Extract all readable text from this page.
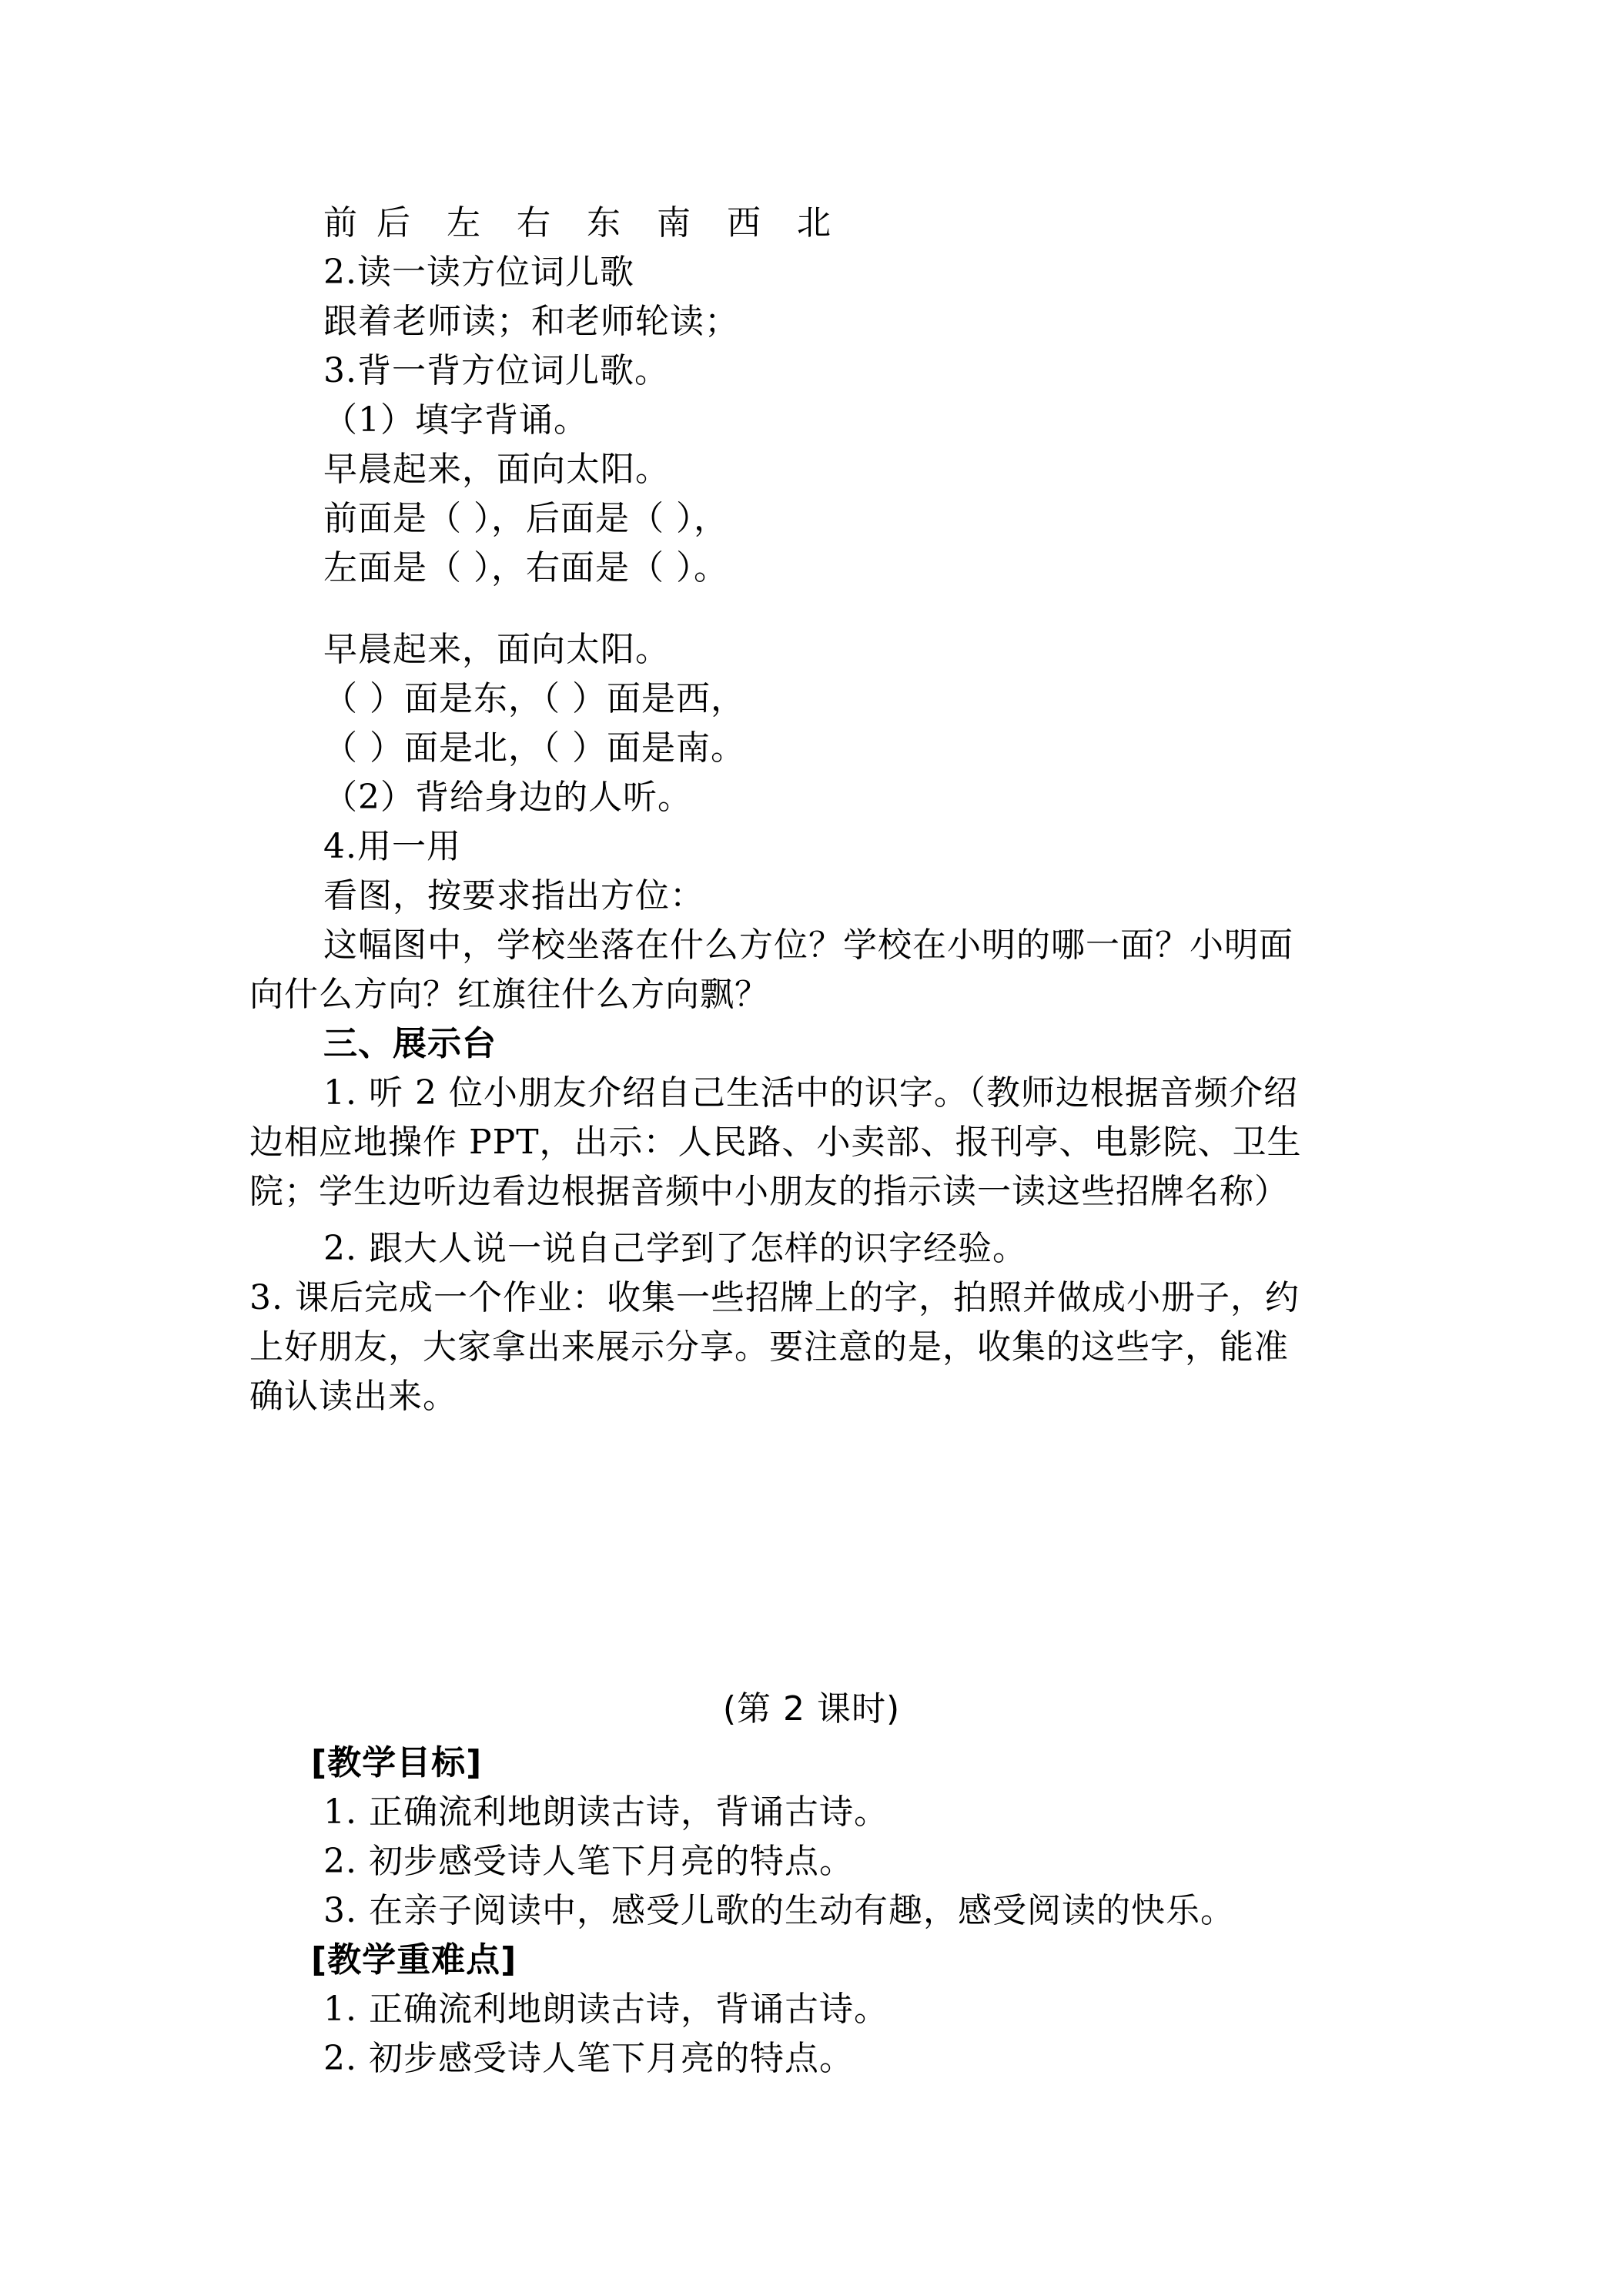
前 后 左 右 东 南 西 北
2.读一读方位词儿歌
跟着老师读；和老师轮读；
3.背一背方位词儿歌。
（1）填字背诵。
早晨起来，面向太阳。
前面是（ ），后面是（ ），
左面是（ ），右面是（ ）。
早晨起来，面向太阳。
（ ）面是东，（ ）面是西，
（ ）面是北，（ ）面是南。
（2）背给身边的人听。
4.用一用
看图，按要求指出方位：
这幅图中，学校坐落在什么方位？学校在小明的哪一面？小明面
向什么方向？红旗往什么方向飘？
三、展示台
1. 听 2 位小朋友介绍自己生活中的识字。（教师边根据音频介绍
边相应地操作 PPT，出示：人民路、小卖部、报刊亭、电影院、卫生
院；学生边听边看边根据音频中小朋友的指示读一读这些招牌名称）
2. 跟大人说一说自己学到了怎样的识字经验。
3. 课后完成一个作业：收集一些招牌上的字，拍照并做成小册子，约
上好朋友，大家拿出来展示分享。要注意的是，收集的这些字，能准
确认读出来。
(第 2 课时)
[教学目标]
1. 正确流利地朗读古诗，背诵古诗。
2. 初步感受诗人笔下月亮的特点。
3. 在亲子阅读中，感受儿歌的生动有趣，感受阅读的快乐。
[教学重难点]
1. 正确流利地朗读古诗，背诵古诗。
2. 初步感受诗人笔下月亮的特点。
